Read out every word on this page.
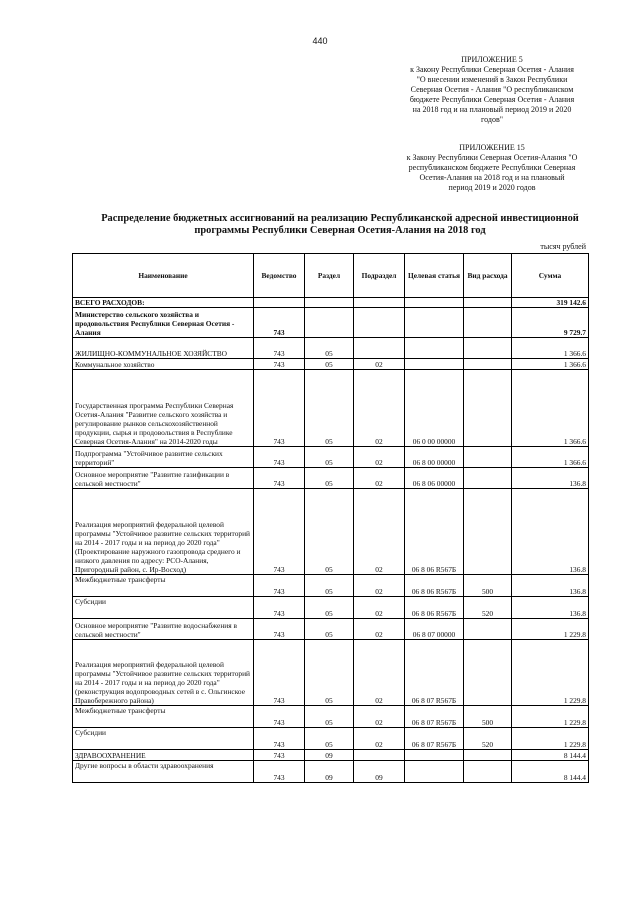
440
ПРИЛОЖЕНИЕ 5
к Закону Республики Северная Осетия - Алания
"О внесении изменений в Закон Республики
Северная Осетия - Алания "О республиканском
бюджете Республики Северная Осетия - Алания
на 2018 год и на плановый период 2019 и 2020
годов"
ПРИЛОЖЕНИЕ 15
к Закону Республики Северная Осетия-Алания "О
республиканском бюджете Республики Северная
Осетия-Алания на 2018 год и на плановый
период 2019 и 2020 годов
Распределение бюджетных ассигнований на реализацию Республиканской адресной инвестиционной
программы Республики Северная Осетия-Алания на 2018 год
тысяч рублей
Наименование	Ведомство	Раздел	Подраздел	Целевая статья	Вид расхода	Сумма
ВСЕГО РАСХОДОВ:						319 142.6
Министерство сельского хозяйства и продовольствия Республики Северная Осетия - Алания	743					9 729.7
ЖИЛИЩНО-КОММУНАЛЬНОЕ ХОЗЯЙСТВО	743	05				1 366.6
Коммунальное хозяйство	743	05	02			1 366.6
Государственная программа Республики Северная Осетия-Алания "Развитие сельского хозяйства и регулирование рынков сельскохозяйственной продукции, сырья и продовольствия в Республике Северная Осетия-Алания" на 2014-2020 годы	743	05	02	06 0 00 00000		1 366.6
Подпрограмма "Устойчивое развитие сельских территорий"	743	05	02	06 8 00 00000		1 366.6
Основное мероприятие "Развитие газификации в сельской местности"	743	05	02	06 8 06 00000		136.8
Реализация мероприятий федеральной целевой программы "Устойчивое развитие сельских территорий на 2014 - 2017 годы и на период до 2020 года" (Проектирование наружного газопровода среднего и низкого давления по адресу: РСО-Алания, Пригородный район, с. Ир-Восход)	743	05	02	06 8 06 R567Б		136.8
Межбюджетные трансферты	743	05	02	06 8 06 R567Б	500	136.8
Субсидии	743	05	02	06 8 06 R567Б	520	136.8
Основное мероприятие "Развитие водоснабжения в сельской местности"	743	05	02	06 8 07 00000		1 229.8
Реализация мероприятий федеральной целевой программы "Устойчивое развитие сельских территорий на 2014 - 2017 годы и на период до 2020 года" (реконструкция водопроводных сетей в с. Ольгинское Правобережного района)	743	05	02	06 8 07 R567Б		1 229.8
Межбюджетные трансферты	743	05	02	06 8 07 R567Б	500	1 229.8
Субсидии	743	05	02	06 8 07 R567Б	520	1 229.8
ЗДРАВООХРАНЕНИЕ	743	09				8 144.4
Другие вопросы в области здравоохранения	743	09	09			8 144.4
